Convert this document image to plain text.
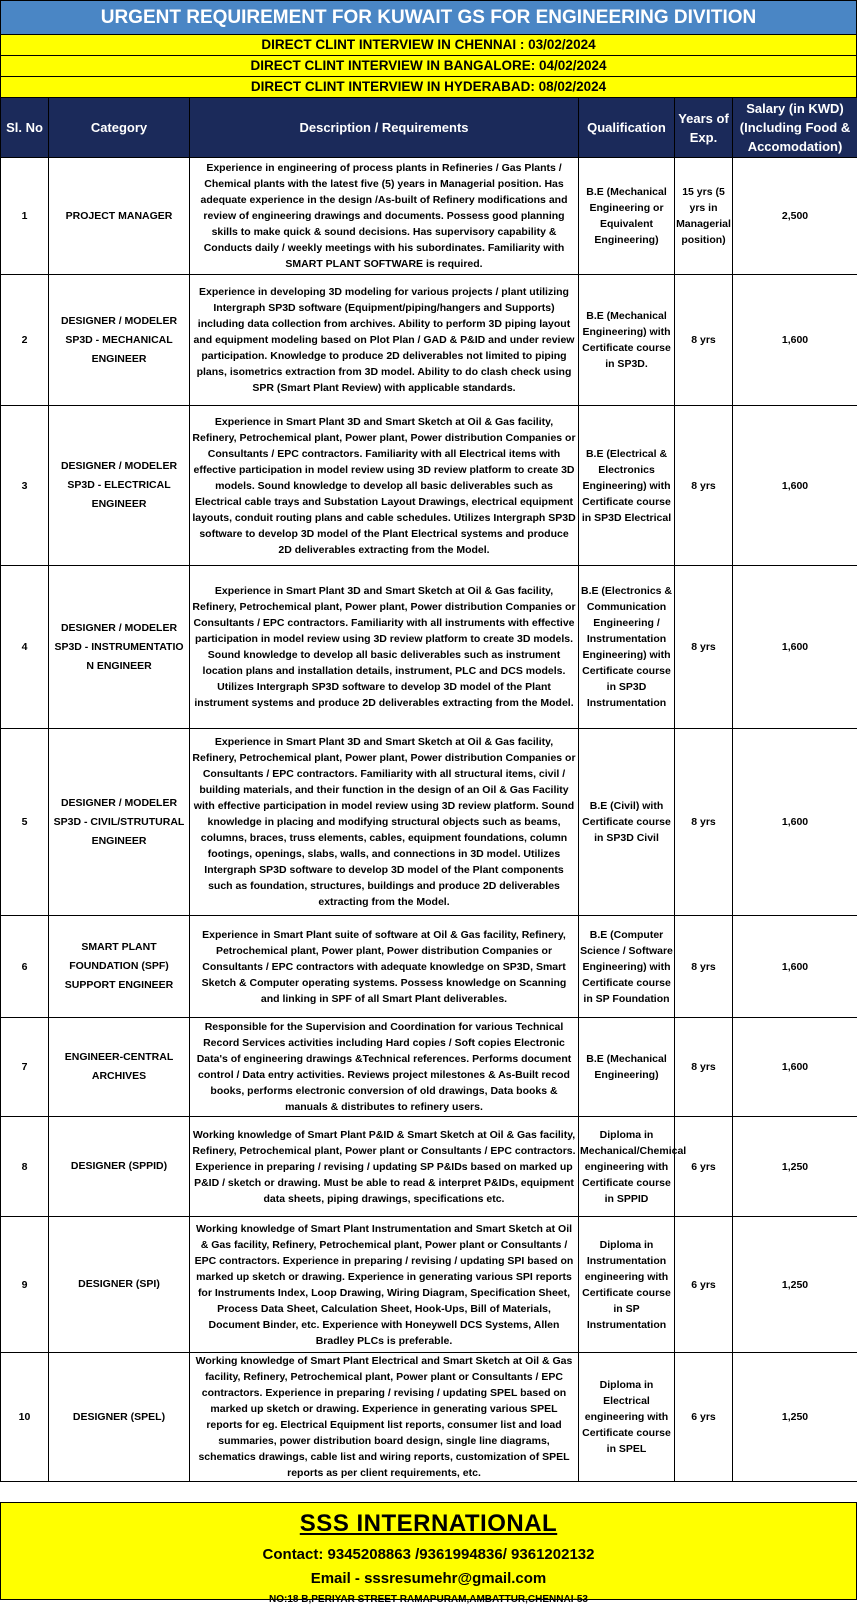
URGENT REQUIREMENT FOR KUWAIT GS FOR ENGINEERING DIVITION
DIRECT CLINT INTERVIEW IN CHENNAI : 03/02/2024
DIRECT CLINT INTERVIEW IN BANGALORE: 04/02/2024
DIRECT CLINT INTERVIEW IN HYDERABAD: 08/02/2024
Sl. No	Category	Description / Requirements	Qualification	Years of Exp.	Salary (in KWD) (Including Food & Accomodation)
1	PROJECT MANAGER	Experience in engineering of process plants in Refineries / Gas Plants / Chemical plants with the latest five (5) years in Managerial position. Has adequate experience in the design /As-built of Refinery modifications and review of engineering drawings and documents. Possess good planning skills to make quick & sound decisions. Has supervisory capability & Conducts daily / weekly meetings with his subordinates. Familiarity with SMART PLANT SOFTWARE is required.	B.E (Mechanical Engineering or Equivalent Engineering)	15 yrs (5 yrs in Managerial position)	2,500
2	DESIGNER / MODELER SP3D - MECHANICAL ENGINEER	Experience in developing 3D modeling for various projects / plant utilizing Intergraph SP3D software (Equipment/piping/hangers and Supports) including data collection from archives. Ability to perform 3D piping layout and equipment modeling based on Plot Plan / GAD & P&ID and under review participation. Knowledge to produce 2D deliverables not limited to piping plans, isometrics extraction from 3D model. Ability to do clash check using SPR (Smart Plant Review) with applicable standards.	B.E (Mechanical Engineering) with Certificate course in SP3D.	8 yrs	1,600
3	DESIGNER / MODELER SP3D - ELECTRICAL ENGINEER	Experience in Smart Plant 3D and Smart Sketch at Oil & Gas facility, Refinery, Petrochemical plant, Power plant, Power distribution Companies or Consultants / EPC contractors. Familiarity with all Electrical items with effective participation in model review using 3D review platform to create 3D models. Sound knowledge to develop all basic deliverables such as Electrical cable trays and Substation Layout Drawings, electrical equipment layouts, conduit routing plans and cable schedules. Utilizes Intergraph SP3D software to develop 3D model of the Plant Electrical systems and produce 2D deliverables extracting from the Model.	B.E (Electrical & Electronics Engineering) with Certificate course in SP3D Electrical	8 yrs	1,600
4	DESIGNER / MODELER SP3D - INSTRUMENTATIO N ENGINEER	Experience in Smart Plant 3D and Smart Sketch at Oil & Gas facility, Refinery, Petrochemical plant, Power plant, Power distribution Companies or Consultants / EPC contractors. Familiarity with all instruments with effective participation in model review using 3D review platform to create 3D models. Sound knowledge to develop all basic deliverables such as instrument location plans and installation details, instrument, PLC and DCS models. Utilizes Intergraph SP3D software to develop 3D model of the Plant instrument systems and produce 2D deliverables extracting from the Model.	B.E (Electronics & Communication Engineering / Instrumentation Engineering) with Certificate course in SP3D Instrumentation	8 yrs	1,600
5	DESIGNER / MODELER SP3D - CIVIL/STRUTURAL ENGINEER	Experience in Smart Plant 3D and Smart Sketch at Oil & Gas facility, Refinery, Petrochemical plant, Power plant, Power distribution Companies or Consultants / EPC contractors. Familiarity with all structural items, civil / building materials, and their function in the design of an Oil & Gas Facility with effective participation in model review using 3D review platform. Sound knowledge in placing and modifying structural objects such as beams, columns, braces, truss elements, cables, equipment foundations, column footings, openings, slabs, walls, and connections in 3D model. Utilizes Intergraph SP3D software to develop 3D model of the Plant components such as foundation, structures, buildings and produce 2D deliverables extracting from the Model.	B.E (Civil) with Certificate course in SP3D Civil	8 yrs	1,600
6	SMART PLANT FOUNDATION (SPF) SUPPORT ENGINEER	Experience in Smart Plant suite of software at Oil & Gas facility, Refinery, Petrochemical plant, Power plant, Power distribution Companies or Consultants / EPC contractors with adequate knowledge on SP3D, Smart Sketch & Computer operating systems. Possess knowledge on Scanning and linking in SPF of all Smart Plant deliverables.	B.E (Computer Science / Software Engineering) with Certificate course in SP Foundation	8 yrs	1,600
7	ENGINEER-CENTRAL ARCHIVES	Responsible for the Supervision and Coordination for various Technical Record Services activities including Hard copies / Soft copies Electronic Data's of engineering drawings &Technical references. Performs document control / Data entry activities. Reviews project milestones & As-Built recod books, performs electronic conversion of old drawings, Data books & manuals & distributes to refinery users.	B.E (Mechanical Engineering)	8 yrs	1,600
8	DESIGNER (SPPID)	Working knowledge of Smart Plant P&ID & Smart Sketch at Oil & Gas facility, Refinery, Petrochemical plant, Power plant or Consultants / EPC contractors. Experience in preparing / revising / updating SP P&IDs based on marked up P&ID / sketch or drawing. Must be able to read & interpret P&IDs, equipment data sheets, piping drawings, specifications etc.	Diploma in Mechanical/Chemical engineering with Certificate course in SPPID	6 yrs	1,250
9	DESIGNER (SPI)	Working knowledge of Smart Plant Instrumentation and Smart Sketch at Oil & Gas facility, Refinery, Petrochemical plant, Power plant or Consultants / EPC contractors. Experience in preparing / revising / updating SPI based on marked up sketch or drawing. Experience in generating various SPI reports for Instruments Index, Loop Drawing, Wiring Diagram, Specification Sheet, Process Data Sheet, Calculation Sheet, Hook-Ups, Bill of Materials, Document Binder, etc. Experience with Honeywell DCS Systems, Allen Bradley PLCs is preferable.	Diploma in Instrumentation engineering with Certificate course in SP Instrumentation	6 yrs	1,250
10	DESIGNER (SPEL)	Working knowledge of Smart Plant Electrical and Smart Sketch at Oil & Gas facility, Refinery, Petrochemical plant, Power plant or Consultants / EPC contractors. Experience in preparing / revising / updating SPEL based on marked up sketch or drawing. Experience in generating various SPEL reports for eg. Electrical Equipment list reports, consumer list and load summaries, power distribution board design, single line diagrams, schematics drawings, cable list and wiring reports, customization of SPEL reports as per client requirements, etc.	Diploma in Electrical engineering with Certificate course in SPEL	6 yrs	1,250
SSS INTERNATIONAL
Contact: 9345208863 /9361994836/ 9361202132
Email - sssresumehr@gmail.com
NO:18 B,PERIYAR STREET RAMAPURAM,AMBATTUR,CHENNAI-53
